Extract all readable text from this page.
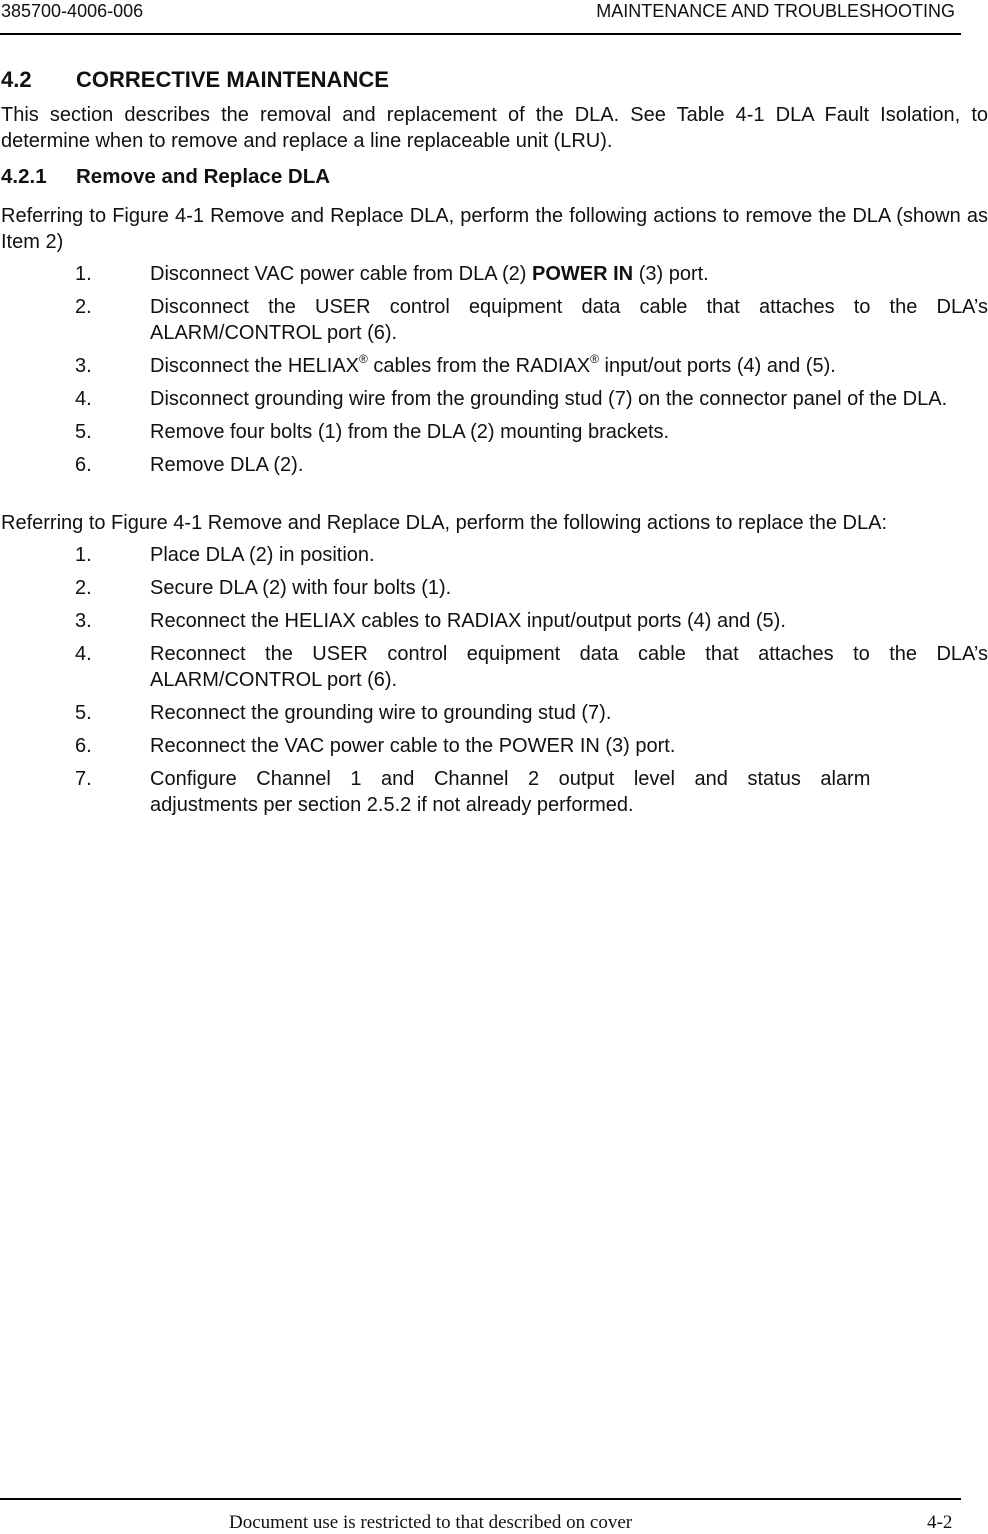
385700-4006-006	MAINTENANCE AND TROUBLESHOOTING
4.2 CORRECTIVE MAINTENANCE

This section describes the removal and replacement of the DLA. See Table 4-1 DLA Fault Isolation, to determine when to remove and replace a line replaceable unit (LRU).

4.2.1 Remove and Replace DLA

Referring to Figure 4-1 Remove and Replace DLA, perform the following actions to remove the DLA (shown as Item 2)

1.	Disconnect VAC power cable from DLA (2) POWER IN (3) port.
2.	Disconnect the USER control equipment data cable that attaches to the DLA’s ALARM/CONTROL port (6).
3.	Disconnect the HELIAX® cables from the RADIAX® input/out ports (4) and (5).
4.	Disconnect grounding wire from the grounding stud (7) on the connector panel of the DLA.
5.	Remove four bolts (1) from the DLA (2) mounting brackets.
6.	Remove DLA (2).

Referring to Figure 4-1 Remove and Replace DLA, perform the following actions to replace the DLA:

1.	Place DLA (2) in position.
2.	Secure DLA (2) with four bolts (1).
3.	Reconnect the HELIAX cables to RADIAX input/output ports (4) and (5).
4.	Reconnect the USER control equipment data cable that attaches to the DLA’s ALARM/CONTROL port (6).
5.	Reconnect the grounding wire to grounding stud (7).
6.	Reconnect the VAC power cable to the POWER IN (3) port.
7.	Configure Channel 1 and Channel 2 output level and status alarm
adjustments per section 2.5.2 if not already performed.
Document use is restricted to that described on cover	4-2
